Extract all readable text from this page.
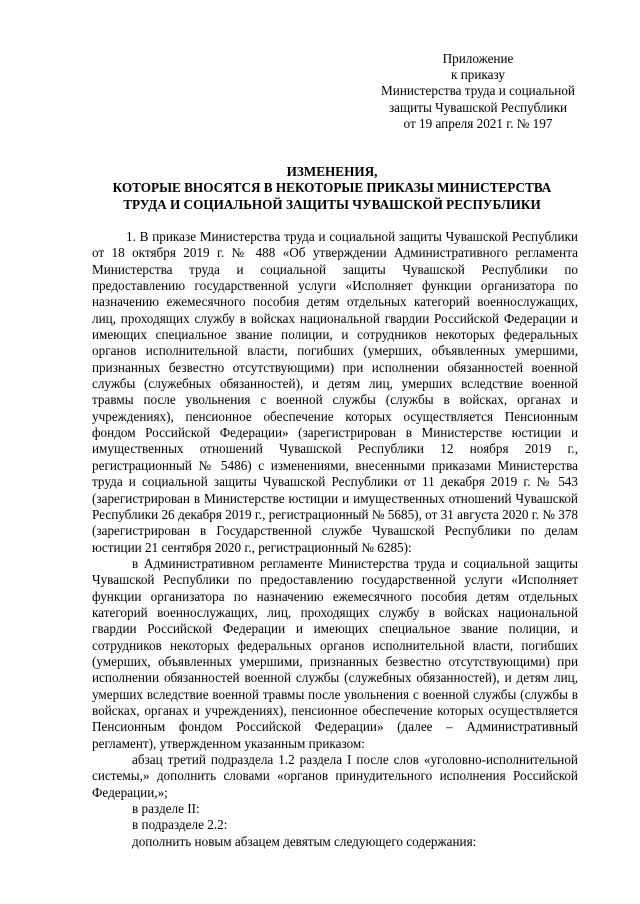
Приложение
к приказу
Министерства труда и социальной
защиты Чувашской Республики
от 19 апреля 2021 г. № 197
ИЗМЕНЕНИЯ,
КОТОРЫЕ ВНОСЯТСЯ В НЕКОТОРЫЕ ПРИКАЗЫ МИНИСТЕРСТВА
ТРУДА И СОЦИАЛЬНОЙ ЗАЩИТЫ ЧУВАШСКОЙ РЕСПУБЛИКИ

1. В приказе Министерства труда и социальной защиты Чувашской Республики от 18 октября 2019 г. № 488 «Об утверждении Административного регламента Министерства труда и социальной защиты Чувашской Республики по предоставлению государственной услуги «Исполняет функции организатора по назначению ежемесячного пособия детям отдельных категорий военнослужащих, лиц, проходящих службу в войсках национальной гвардии Российской Федерации и имеющих специальное звание полиции, и сотрудников некоторых федеральных органов исполнительной власти, погибших (умерших, объявленных умершими, признанных безвестно отсутствующими) при исполнении обязанностей военной службы (служебных обязанностей), и детям лиц, умерших вследствие военной травмы после увольнения с военной службы (службы в войсках, органах и учреждениях), пенсионное обеспечение которых осуществляется Пенсионным фондом Российской Федерации» (зарегистрирован в Министерстве юстиции и имущественных отношений Чувашской Республики 12 ноября 2019 г., регистрационный № 5486) с изменениями, внесенными приказами Министерства труда и социальной защиты Чувашской Республики от 11 декабря 2019 г. № 543 (зарегистрирован в Министерстве юстиции и имущественных отношений Чувашской Республики 26 декабря 2019 г., регистрационный № 5685), от 31 августа 2020 г. № 378 (зарегистрирован в Государственной службе Чувашской Республики по делам юстиции 21 сентября 2020 г., регистрационный № 6285):

в Административном регламенте Министерства труда и социальной защиты Чувашской Республики по предоставлению государственной услуги «Исполняет функции организатора по назначению ежемесячного пособия детям отдельных категорий военнослужащих, лиц, проходящих службу в войсках национальной гвардии Российской Федерации и имеющих специальное звание полиции, и сотрудников некоторых федеральных органов исполнительной власти, погибших (умерших, объявленных умершими, признанных безвестно отсутствующими) при исполнении обязанностей военной службы (служебных обязанностей), и детям лиц, умерших вследствие военной травмы после увольнения с военной службы (службы в войсках, органах и учреждениях), пенсионное обеспечение которых осуществляется Пенсионным фондом Российской Федерации» (далее – Административный регламент), утвержденном указанным приказом:

абзац третий подраздела 1.2 раздела I после слов «уголовно-исполнительной системы,» дополнить словами «органов принудительного исполнения Российской Федерации,»;

в разделе II:

в подразделе 2.2:

дополнить новым абзацем девятым следующего содержания:
